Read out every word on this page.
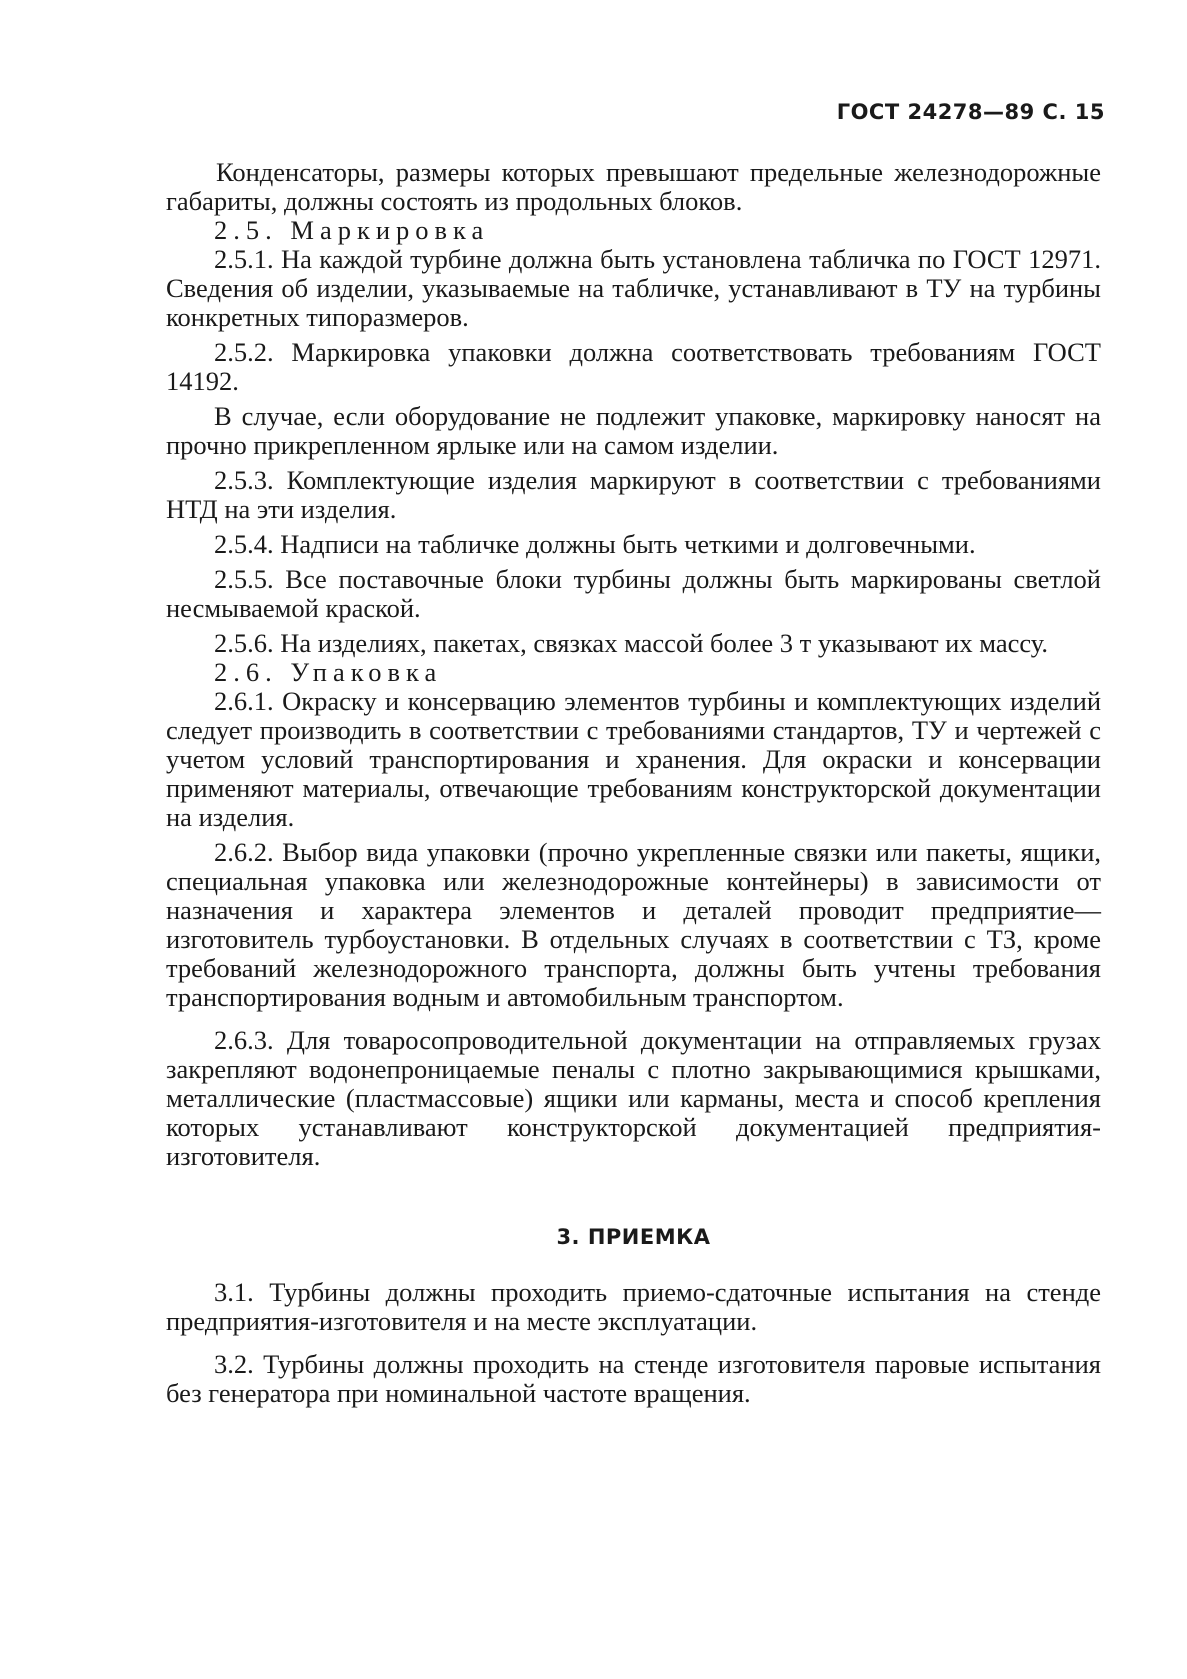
ГОСТ 24278—89 С. 15

Конденсаторы, размеры которых превышают предельные железнодорожные габариты, должны состоять из продольных блоков.

2.5. Маркировка

2.5.1. На каждой турбине должна быть установлена табличка по ГОСТ 12971. Сведения об изделии, указываемые на табличке, устанавливают в ТУ на турбины конкретных типоразмеров.

2.5.2. Маркировка упаковки должна соответствовать требованиям ГОСТ 14192.

В случае, если оборудование не подлежит упаковке, маркировку наносят на прочно прикрепленном ярлыке или на самом изделии.

2.5.3. Комплектующие изделия маркируют в соответствии с требованиями НТД на эти изделия.

2.5.4. Надписи на табличке должны быть четкими и долговечными.

2.5.5. Все поставочные блоки турбины должны быть маркированы светлой несмываемой краской.

2.5.6. На изделиях, пакетах, связках массой более 3 т указывают их массу.

2.6. Упаковка

2.6.1. Окраску и консервацию элементов турбины и комплектующих изделий следует производить в соответствии с требованиями стандартов, ТУ и чертежей с учетом условий транспортирования и хранения. Для окраски и консервации применяют материалы, отвечающие требованиям конструкторской документации на изделия.

2.6.2. Выбор вида упаковки (прочно укрепленные связки или пакеты, ящики, специальная упаковка или железнодорожные контейнеры) в зависимости от назначения и характера элементов и деталей проводит предприятие—изготовитель турбоустановки. В отдельных случаях в соответствии с ТЗ, кроме требований железнодорожного транспорта, должны быть учтены требования транспортирования водным и автомобильным транспортом.

2.6.3. Для товаросопроводительной документации на отправляемых грузах закрепляют водонепроницаемые пеналы с плотно закрывающимися крышками, металлические (пластмассовые) ящики или карманы, места и способ крепления которых устанавливают конструкторской документацией предприятия-изготовителя.

3. ПРИЕМКА

3.1. Турбины должны проходить приемо-сдаточные испытания на стенде предприятия-изготовителя и на месте эксплуатации.

3.2. Турбины должны проходить на стенде изготовителя паровые испытания без генератора при номинальной частоте вращения.
